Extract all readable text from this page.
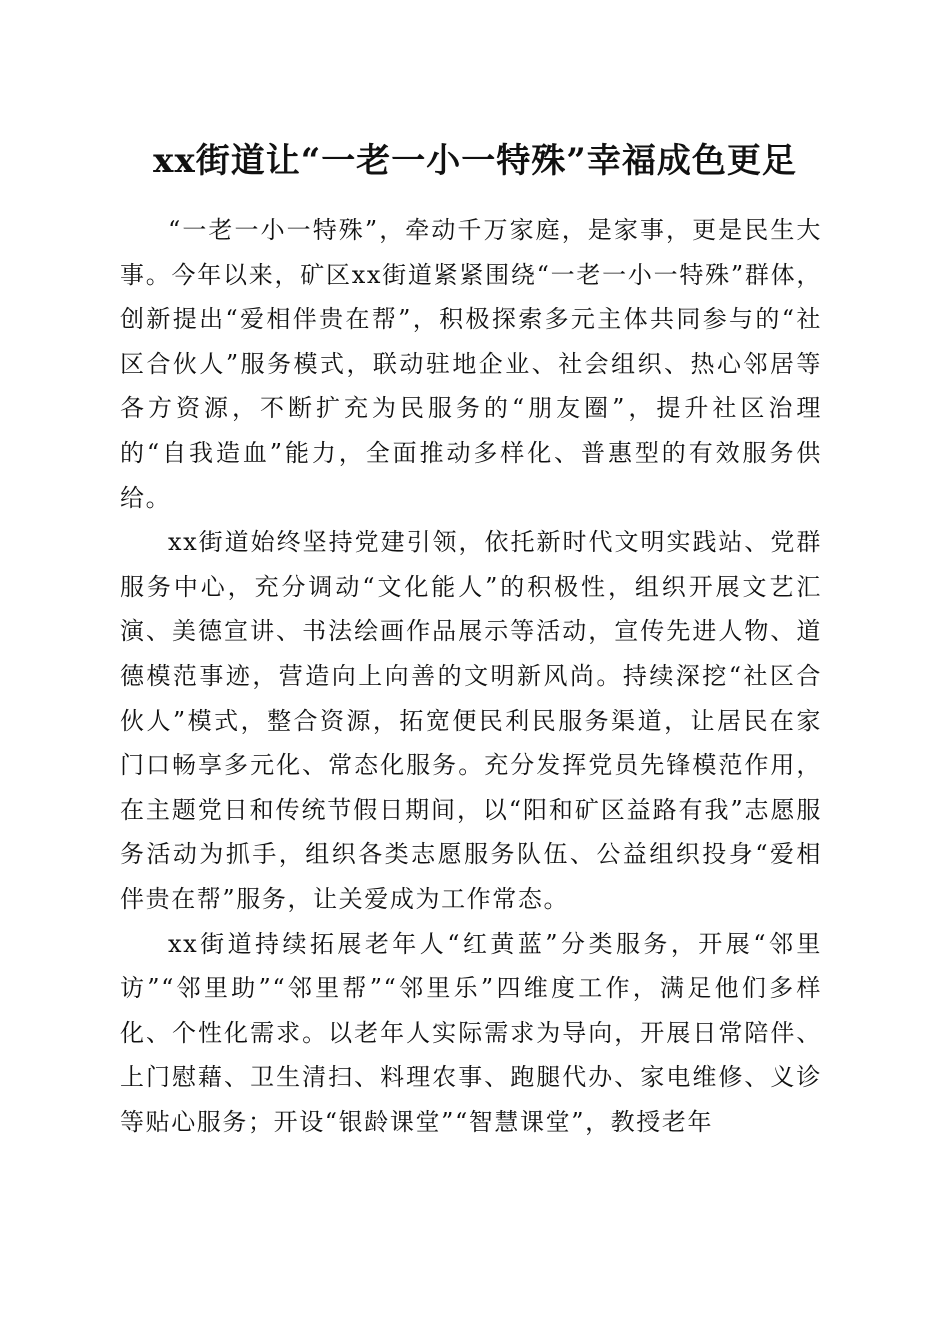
xx街道让“一老一小一特殊”幸福成色更足

“一老一小一特殊”，牵动千万家庭，是家事，更是民生大事。今年以来，矿区xx街道紧紧围绕“一老一小一特殊”群体，创新提出“爱相伴贵在帮”，积极探索多元主体共同参与的“社区合伙人”服务模式，联动驻地企业、社会组织、热心邻居等各方资源，不断扩充为民服务的“朋友圈”，提升社区治理的“自我造血”能力，全面推动多样化、普惠型的有效服务供给。

xx街道始终坚持党建引领，依托新时代文明实践站、党群服务中心，充分调动“文化能人”的积极性，组织开展文艺汇演、美德宣讲、书法绘画作品展示等活动，宣传先进人物、道德模范事迹，营造向上向善的文明新风尚。持续深挖“社区合伙人”模式，整合资源，拓宽便民利民服务渠道，让居民在家门口畅享多元化、常态化服务。充分发挥党员先锋模范作用，在主题党日和传统节假日期间，以“阳和矿区益路有我”志愿服务活动为抓手，组织各类志愿服务队伍、公益组织投身“爱相伴贵在帮”服务，让关爱成为工作常态。

xx街道持续拓展老年人“红黄蓝”分类服务，开展“邻里访”“邻里助”“邻里帮”“邻里乐”四维度工作，满足他们多样化、个性化需求。以老年人实际需求为导向，开展日常陪伴、上门慰藉、卫生清扫、料理农事、跑腿代办、家电维修、义诊等贴心服务；开设“银龄课堂”“智慧课堂”，教授老年
